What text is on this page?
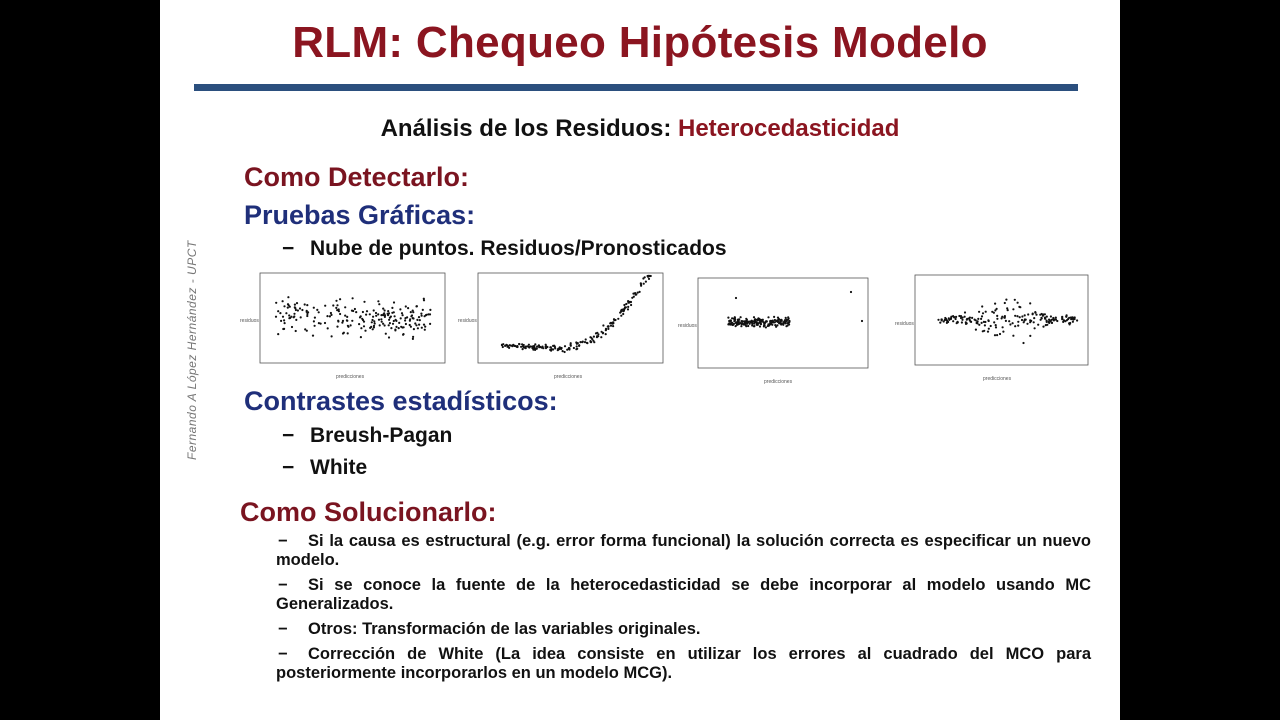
RLM: Chequeo Hipótesis Modelo
Análisis de los Residuos: Heterocedasticidad
Fernando A López Hernández - UPCT
Como Detectarlo:
Pruebas Gráficas:
− Nube de puntos. Residuos/Pronosticados
residuos
predicciones
residuos
predicciones
residuos
predicciones
residuos
predicciones
Contrastes estadísticos:
− Breush-Pagan
− White
Como Solucionarlo:
− Si la causa es estructural (e.g. error forma funcional) la solución correcta es especificar un nuevo modelo.
− Si se conoce la fuente de la heterocedasticidad se debe incorporar al modelo usando MC Generalizados.
− Otros: Transformación de las variables originales.
− Corrección de White (La idea consiste en utilizar los errores al cuadrado del MCO para posteriormente incorporarlos en un modelo MCG).
